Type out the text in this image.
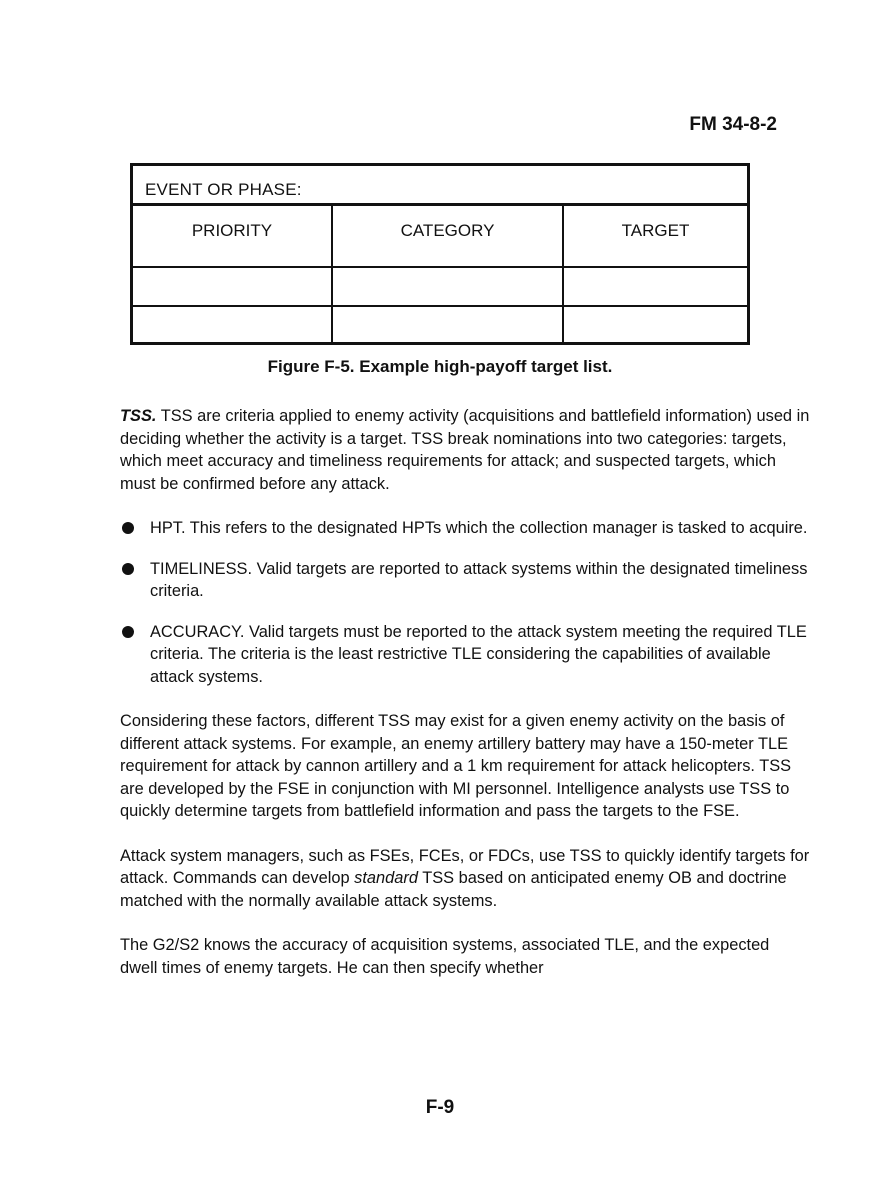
FM 34-8-2
EVENT OR PHASE:
PRIORITY	CATEGORY	TARGET
Figure F-5. Example high-payoff target list.

TSS. TSS are criteria applied to enemy activity (acquisitions and battlefield information) used in deciding whether the activity is a target. TSS break nominations into two categories: targets, which meet accuracy and timeliness requirements for attack; and suspected targets, which must be confirmed before any attack.

HPT. This refers to the designated HPTs which the collection manager is tasked to acquire.
TIMELINESS. Valid targets are reported to attack systems within the designated timeliness criteria.
ACCURACY. Valid targets must be reported to the attack system meeting the required TLE criteria. The criteria is the least restrictive TLE considering the capabilities of available attack systems.

Considering these factors, different TSS may exist for a given enemy activity on the basis of different attack systems. For example, an enemy artillery battery may have a 150-meter TLE requirement for attack by cannon artillery and a 1 km requirement for attack helicopters. TSS are developed by the FSE in conjunction with MI personnel. Intelligence analysts use TSS to quickly determine targets from battlefield information and pass the targets to the FSE.

Attack system managers, such as FSEs, FCEs, or FDCs, use TSS to quickly identify targets for attack. Commands can develop standard TSS based on anticipated enemy OB and doctrine matched with the normally available attack systems.

The G2/S2 knows the accuracy of acquisition systems, associated TLE, and the expected dwell times of enemy targets. He can then specify whether

F-9
